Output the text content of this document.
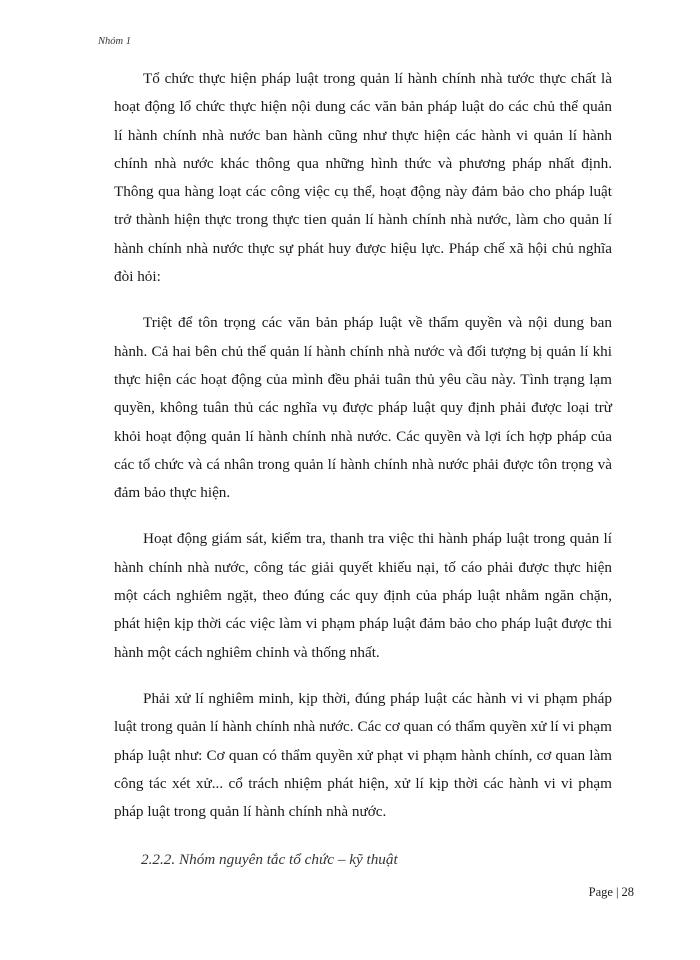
Nhóm 1

Tổ chức thực hiện pháp luật trong quản lí hành chính nhà tước thực chất là hoạt động lổ chức thực hiện nội dung các văn bản pháp luật do các chủ thể quản lí hành chính nhà nước ban hành cũng như thực hiện các hành vi quản lí hành chính nhà nước khác thông qua những hình thức và phương pháp nhất định. Thông qua hàng loạt các công việc cụ thể, hoạt động này đảm bảo cho pháp luật trở thành hiện thực trong thực tien quản lí hành chính nhà nước, làm cho quản lí hành chính nhà nước thực sự phát huy được hiệu lực. Pháp chế xã hội chủ nghĩa đòi hỏi:

Triệt để tôn trọng các văn bản pháp luật về thẩm quyền và nội dung ban hành. Cả hai bên chủ thể quản lí hành chính nhà nước và đối tượng bị quản lí khi thực hiện các hoạt động của mình đều phải tuân thủ yêu cầu này. Tình trạng lạm quyền, không tuân thủ các nghĩa vụ được pháp luật quy định phải được loại trừ khỏi hoạt động quản lí hành chính nhà nước. Các quyền và lợi ích hợp pháp của các tổ chức và cá nhân trong quản lí hành chính nhà nước phải được tôn trọng và đảm bảo thực hiện.

Hoạt động giám sát, kiểm tra, thanh tra việc thi hành pháp luật trong quản lí hành chính nhà nước, công tác giải quyết khiếu nại, tố cáo phải được thực hiện một cách nghiêm ngặt, theo đúng các quy định của pháp luật nhằm ngăn chặn, phát hiện kịp thời các việc làm vi phạm pháp luật đảm bảo cho pháp luật được thi hành một cách nghiêm chỉnh và thống nhất.

Phải xử lí nghiêm minh, kịp thời, đúng pháp luật các hành vi vi phạm pháp luật trong quản lí hành chính nhà nước. Các cơ quan có thẩm quyền xử lí vi phạm pháp luật như: Cơ quan có thẩm quyền xử phạt vi phạm hành chính, cơ quan làm công tác xét xử... cổ trách nhiệm phát hiện, xử lí kịp thời các hành vi vi phạm pháp luật trong quản lí hành chính nhà nước.

2.2.2. Nhóm nguyên tắc tổ chức – kỹ thuật
Page | 28
